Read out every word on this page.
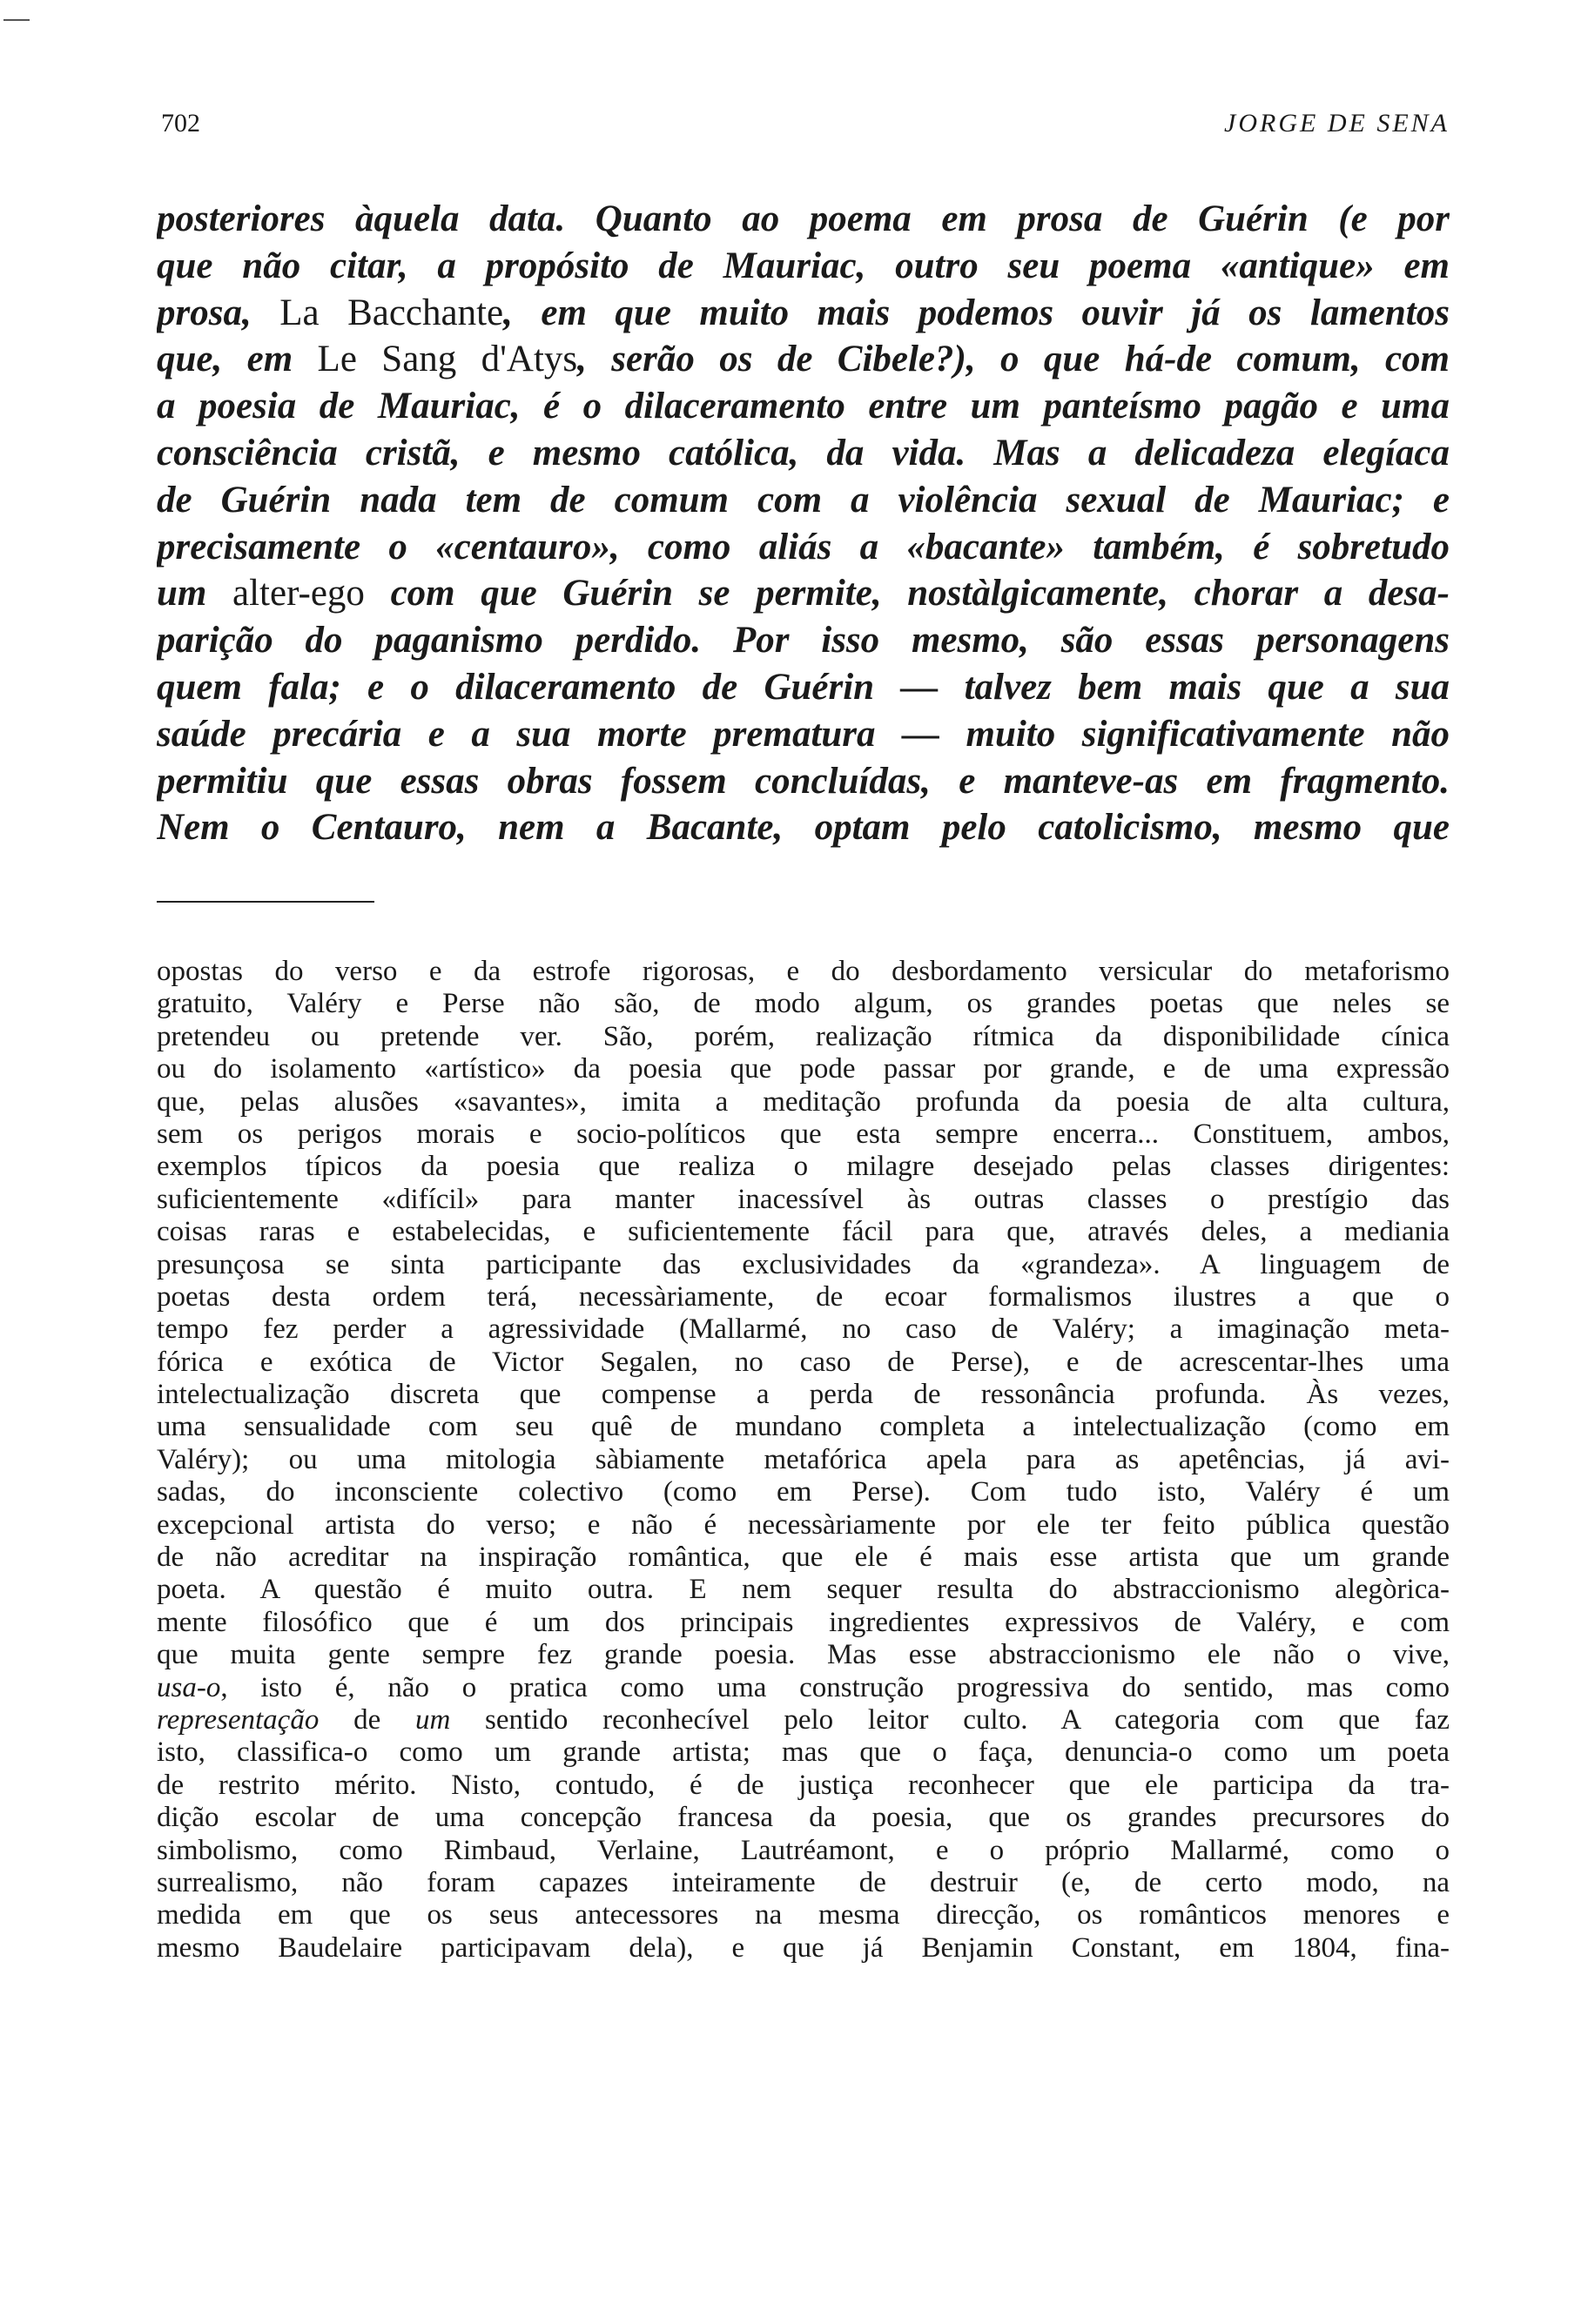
702	JORGE DE SENA
posteriores àquela data. Quanto ao poema em prosa de Guérin (e por
que não citar, a propósito de Mauriac, outro seu poema «antique» em
prosa, La Bacchante, em que muito mais podemos ouvir já os lamentos
que, em Le Sang d'Atys, serão os de Cibele?), o que há-de comum, com
a poesia de Mauriac, é o dilaceramento entre um panteísmo pagão e uma
consciência cristã, e mesmo católica, da vida. Mas a delicadeza elegíaca
de Guérin nada tem de comum com a violência sexual de Mauriac; e
precisamente o «centauro», como aliás a «bacante» também, é sobretudo
um alter-ego com que Guérin se permite, nostàlgicamente, chorar a desa-
parição do paganismo perdido. Por isso mesmo, são essas personagens
quem fala; e o dilaceramento de Guérin — talvez bem mais que a sua
saúde precária e a sua morte prematura — muito significativamente não
permitiu que essas obras fossem concluídas, e manteve-as em fragmento.
Nem o Centauro, nem a Bacante, optam pelo catolicismo, mesmo que
opostas do verso e da estrofe rigorosas, e do desbordamento versicular do metaforismo
gratuito, Valéry e Perse não são, de modo algum, os grandes poetas que neles se
pretendeu ou pretende ver. São, porém, realização rítmica da disponibilidade cínica
ou do isolamento «artístico» da poesia que pode passar por grande, e de uma expressão
que, pelas alusões «savantes», imita a meditação profunda da poesia de alta cultura,
sem os perigos morais e socio-políticos que esta sempre encerra... Constituem, ambos,
exemplos típicos da poesia que realiza o milagre desejado pelas classes dirigentes:
suficientemente «difícil» para manter inacessível às outras classes o prestígio das
coisas raras e estabelecidas, e suficientemente fácil para que, através deles, a mediania
presunçosa se sinta participante das exclusividades da «grandeza». A linguagem de
poetas desta ordem terá, necessàriamente, de ecoar formalismos ilustres a que o
tempo fez perder a agressividade (Mallarmé, no caso de Valéry; a imaginação meta-
fórica e exótica de Victor Segalen, no caso de Perse), e de acrescentar-lhes uma
intelectualização discreta que compense a perda de ressonância profunda. Às vezes,
uma sensualidade com seu quê de mundano completa a intelectualização (como em
Valéry); ou uma mitologia sàbiamente metafórica apela para as apetências, já avi-
sadas, do inconsciente colectivo (como em Perse). Com tudo isto, Valéry é um
excepcional artista do verso; e não é necessàriamente por ele ter feito pública questão
de não acreditar na inspiração romântica, que ele é mais esse artista que um grande
poeta. A questão é muito outra. E nem sequer resulta do abstraccionismo alegòrica-
mente filosófico que é um dos principais ingredientes expressivos de Valéry, e com
que muita gente sempre fez grande poesia. Mas esse abstraccionismo ele não o vive,
usa-o, isto é, não o pratica como uma construção progressiva do sentido, mas como
representação de um sentido reconhecível pelo leitor culto. A categoria com que faz
isto, classifica-o como um grande artista; mas que o faça, denuncia-o como um poeta
de restrito mérito. Nisto, contudo, é de justiça reconhecer que ele participa da tra-
dição escolar de uma concepção francesa da poesia, que os grandes precursores do
simbolismo, como Rimbaud, Verlaine, Lautréamont, e o próprio Mallarmé, como o
surrealismo, não foram capazes inteiramente de destruir (e, de certo modo, na
medida em que os seus antecessores na mesma direcção, os românticos menores e
mesmo Baudelaire participavam dela), e que já Benjamin Constant, em 1804, fina-
